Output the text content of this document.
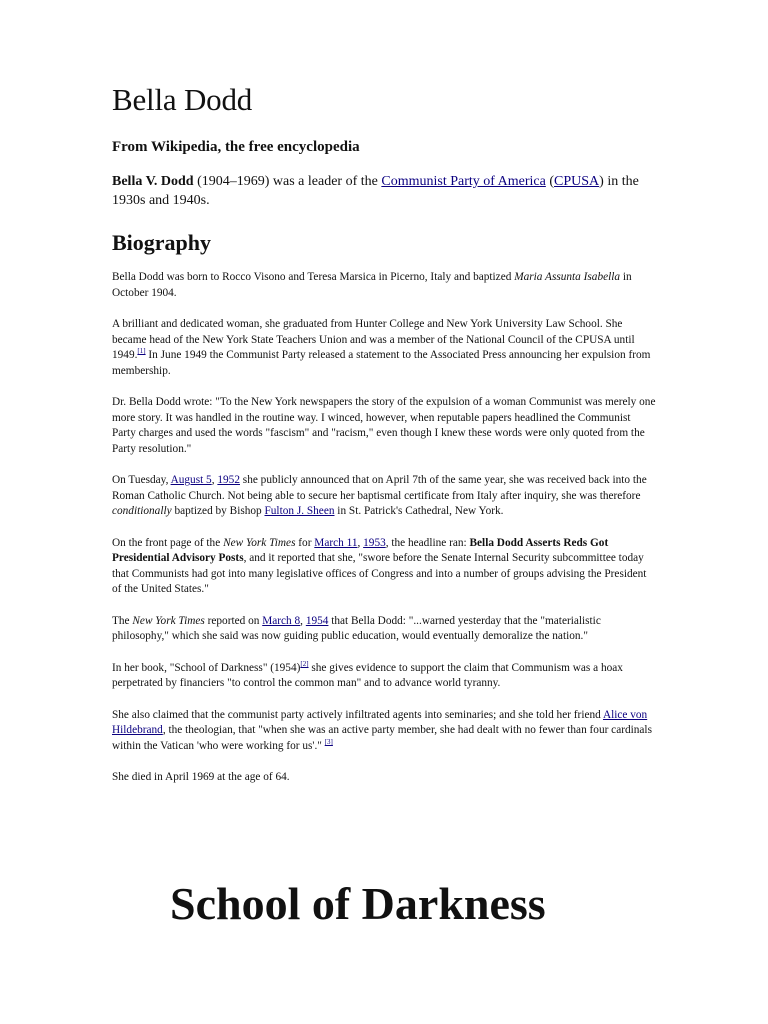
Bella Dodd
From Wikipedia, the free encyclopedia

Bella V. Dodd (1904–1969) was a leader of the Communist Party of America (CPUSA) in the 1930s and 1940s.

Biography

Bella Dodd was born to Rocco Visono and Teresa Marsica in Picerno, Italy and baptized Maria Assunta Isabella in October 1904.

A brilliant and dedicated woman, she graduated from Hunter College and New York University Law School. She became head of the New York State Teachers Union and was a member of the National Council of the CPUSA until 1949.[1] In June 1949 the Communist Party released a statement to the Associated Press announcing her expulsion from membership.

Dr. Bella Dodd wrote: "To the New York newspapers the story of the expulsion of a woman Communist was merely one more story. It was handled in the routine way. I winced, however, when reputable papers headlined the Communist Party charges and used the words "fascism" and "racism," even though I knew these words were only quoted from the Party resolution."

On Tuesday, August 5, 1952 she publicly announced that on April 7th of the same year, she was received back into the Roman Catholic Church. Not being able to secure her baptismal certificate from Italy after inquiry, she was therefore conditionally baptized by Bishop Fulton J. Sheen in St. Patrick's Cathedral, New York.

On the front page of the New York Times for March 11, 1953, the headline ran: Bella Dodd Asserts Reds Got Presidential Advisory Posts, and it reported that she, "swore before the Senate Internal Security subcommittee today that Communists had got into many legislative offices of Congress and into a number of groups advising the President of the United States."

The New York Times reported on March 8, 1954 that Bella Dodd: "...warned yesterday that the "materialistic philosophy," which she said was now guiding public education, would eventually demoralize the nation."

In her book, "School of Darkness" (1954)[2] she gives evidence to support the claim that Communism was a hoax perpetrated by financiers "to control the common man" and to advance world tyranny.

She also claimed that the communist party actively infiltrated agents into seminaries; and she told her friend Alice von Hildebrand, the theologian, that "when she was an active party member, she had dealt with no fewer than four cardinals within the Vatican 'who were working for us'." [3]

She died in April 1969 at the age of 64.

School of Darkness
